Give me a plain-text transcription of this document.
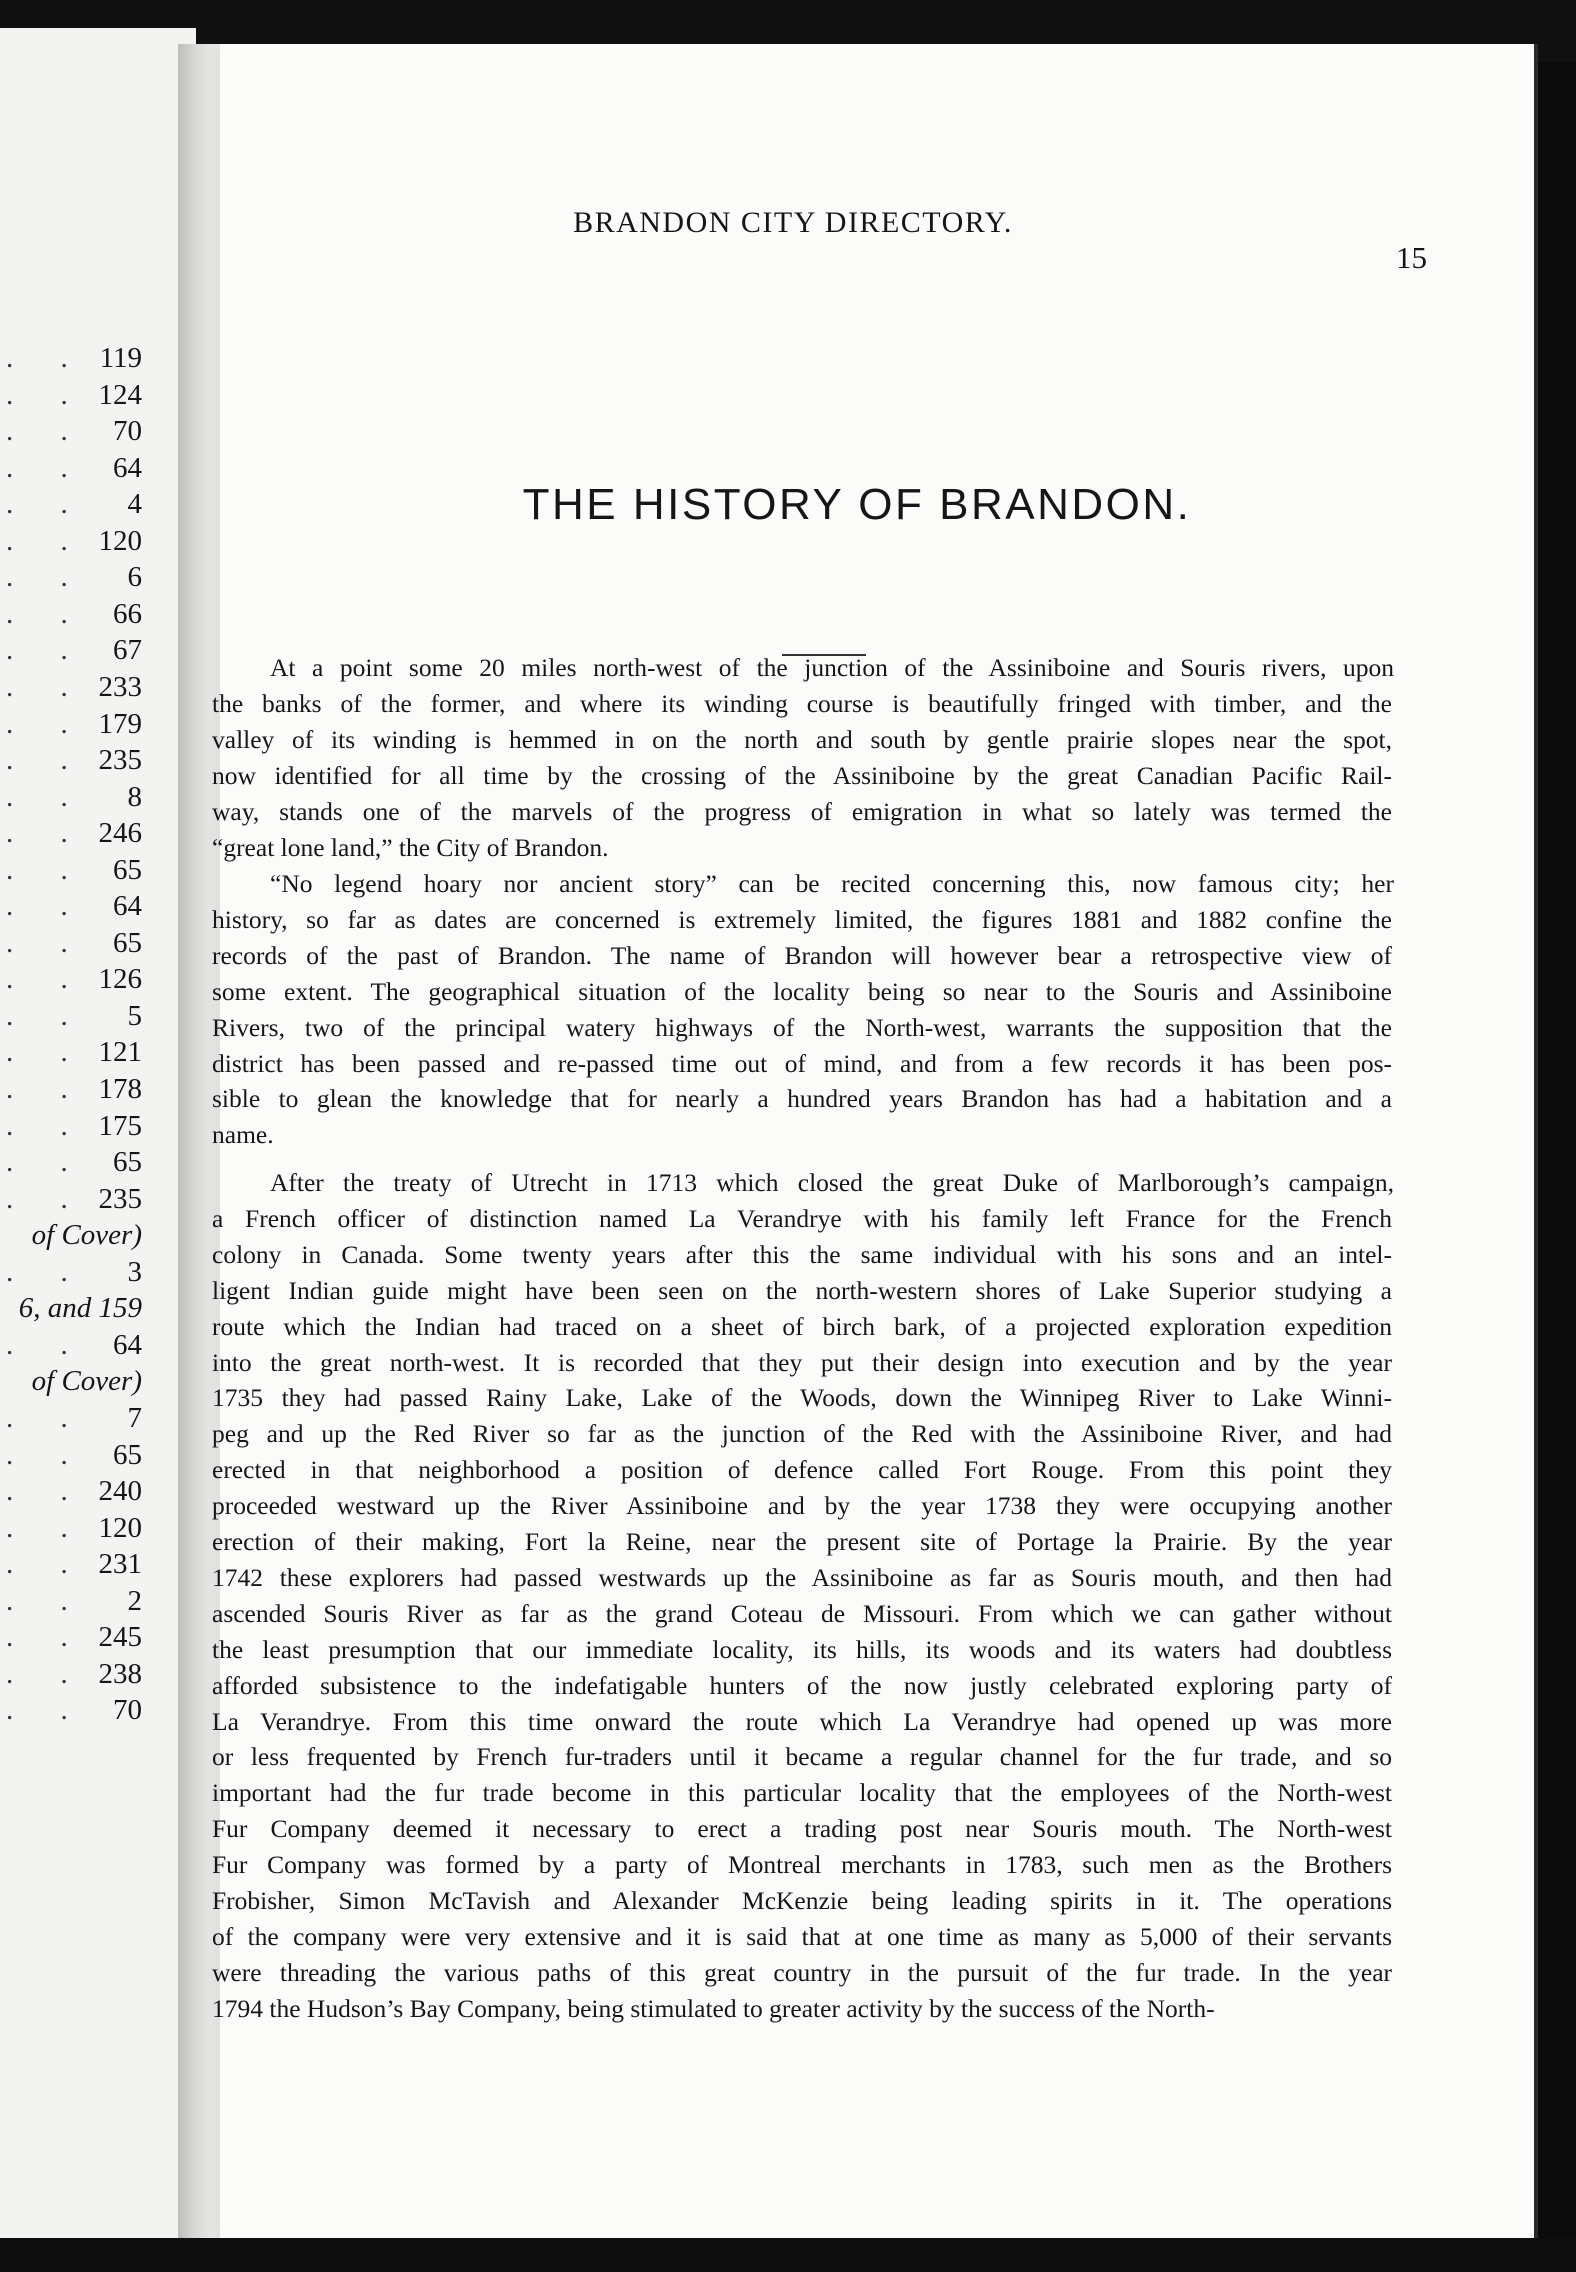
. . 119
. . 124
. . 70
. . 64
. . 4
. . 120
. . 6
. . 66
. . 67
. . 233
. . 179
. . 235
. . 8
. . 246
. . 65
. . 64
. . 65
. . 126
. . 5
. . 121
. . 178
. . 175
. . 65
. . 235
of Cover)
. . 3
6, and 159
. . 64
of Cover)
. . 7
. . 65
. . 240
. . 120
. . 231
. . 2
. . 245
. . 238
. . 70
BRANDON CITY DIRECTORY.
15
THE HISTORY OF BRANDON.
At a point some 20 miles north-west of the junction of the Assiniboine and Souris rivers, upon
the banks of the former, and where its winding course is beautifully fringed with timber, and the
valley of its winding is hemmed in on the north and south by gentle prairie slopes near the spot,
now identified for all time by the crossing of the Assiniboine by the great Canadian Pacific Rail-
way, stands one of the marvels of the progress of emigration in what so lately was termed the
“great lone land,” the City of Brandon.
“No legend hoary nor ancient story” can be recited concerning this, now famous city; her
history, so far as dates are concerned is extremely limited, the figures 1881 and 1882 confine the
records of the past of Brandon. The name of Brandon will however bear a retrospective view of
some extent. The geographical situation of the locality being so near to the Souris and Assiniboine
Rivers, two of the principal watery highways of the North-west, warrants the supposition that the
district has been passed and re-passed time out of mind, and from a few records it has been pos-
sible to glean the knowledge that for nearly a hundred years Brandon has had a habitation and a
name.
After the treaty of Utrecht in 1713 which closed the great Duke of Marlborough’s campaign,
a French officer of distinction named La Verandrye with his family left France for the French
colony in Canada. Some twenty years after this the same individual with his sons and an intel-
ligent Indian guide might have been seen on the north-western shores of Lake Superior studying a
route which the Indian had traced on a sheet of birch bark, of a projected exploration expedition
into the great north-west. It is recorded that they put their design into execution and by the year
1735 they had passed Rainy Lake, Lake of the Woods, down the Winnipeg River to Lake Winni-
peg and up the Red River so far as the junction of the Red with the Assiniboine River, and had
erected in that neighborhood a position of defence called Fort Rouge. From this point they
proceeded westward up the River Assiniboine and by the year 1738 they were occupying another
erection of their making, Fort la Reine, near the present site of Portage la Prairie. By the year
1742 these explorers had passed westwards up the Assiniboine as far as Souris mouth, and then had
ascended Souris River as far as the grand Coteau de Missouri. From which we can gather without
the least presumption that our immediate locality, its hills, its woods and its waters had doubtless
afforded subsistence to the indefatigable hunters of the now justly celebrated exploring party of
La Verandrye. From this time onward the route which La Verandrye had opened up was more
or less frequented by French fur-traders until it became a regular channel for the fur trade, and so
important had the fur trade become in this particular locality that the employees of the North-west
Fur Company deemed it necessary to erect a trading post near Souris mouth. The North-west
Fur Company was formed by a party of Montreal merchants in 1783, such men as the Brothers
Frobisher, Simon McTavish and Alexander McKenzie being leading spirits in it. The operations
of the company were very extensive and it is said that at one time as many as 5,000 of their servants
were threading the various paths of this great country in the pursuit of the fur trade. In the year
1794 the Hudson’s Bay Company, being stimulated to greater activity by the success of the North-
